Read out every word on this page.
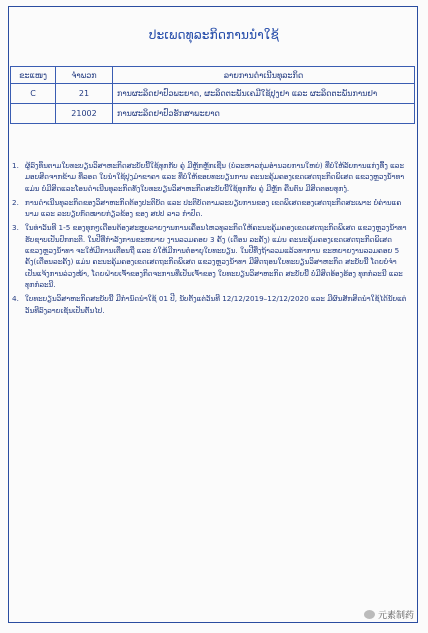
ປະເພດທຸລະກິດການນໍາໃຊ້
ຂະແໜງ	ຈໍາພວກ	ລາຍການດໍາເນີນທຸລະກິດ
C	21	ການຜະລິດຢາປົວພະຍາດ, ຜະລິດຕະພັນເຄມີໃຊ້ປຸງຢາ ແລະ ຜະລິດຕະພັນການຢາ
	21002	ການຜະລິດຢາປົວຮັກສາພະຍາດ
1. ຜູ້ລົງທຶນຕາມໃບທະບຽນວິສາຫະກິດສະບັບນີ້ໃຊ້ທຸກກັບ ຄູ່ ມີຫຼັກຫຼັກເຊີ່ນ (ບໍລະຫາລກຸ່ມອໍານວຍການໃຫຍ່) ທີ່ບໍ່ໃຫ້ລັບການແກ່ງທຶ້ງ ແລະ ມອບສິດຈາກຂ້າມ ທີ່ລອດ ໃບນໍາໃຊ້ປຸງມຳຂາຄາ ແລະ ທີ່ບໍ່ໃຫ້ຂອບທະບຽນການ ຄະນະຄຸ້ມຄອງເຂດເສດຖະກິດພິເສດ ແຂວງຫຼວງນໍ້າທາ ແມ່ນ ບໍ່ມີສິດແລະໂອນດໍາເນີນທຸລະກິດທັງໃບທະບຽນວິສາຫະກິດສະບັບນີ້ໃຊ້ທຸກກັບ ຄູ່ ມີຫຼັກ ຄືນຕົນ ມີສິດຕອບທຸກງໍ.
2. ການດໍາເນີນທຸລະກິດຂອງວິສາຫະກິດຕ້ອງປະຕິບັດ ແລະ ປະຕິບັດຕາມລະບຽບການຂອງ ເຂດພິເສດຂອງເສດຖະກິດສະເພາະ ບໍ່ຄ່ານແຄນາມ ແລະ ລະບຽບກົດໝາຍກ່ຽວຂ້ອງ ຂອງ ສປປ ລາວ ກໍາປົດ.
3. ໃນທ່າວັນທີ 1-5 ຂອງທຸກໆເດືອນຕ້ອງສະຫຼຸບລາຍງານການເຄື່ອນໄຫວທຸລະກິດໃຫ້ຄະນະຄຸ້ມຄອງເຂດເສດຖະກິດພິເສດ ແຂວງຫຼວງນໍ້າທາ ຮັບຊາບເປັນປົກກະຕິ. ໃນປີທີ່ກໍາລັງການຂະຫຍາຍ ງານລວມຄອຍ 3 ຄັ້ງ (ເດືອນ ລະຄັ້ງ) ແມ່ນ ຄະນະຄຸ້ມຄອງເຂດເສດຖະກິດພິເສດ ແຂວງຫຼວງນໍ້າທາ ຈະໃຫ້ມີການເຕືອນຖື ແລະ ບໍ່ໃຫ້ມີການຕໍ່ອາຍຸໃບທະບຽນ. ໃນປີທີ່ງຖ້າລວມແລ້ວທາການ ຂະຫຍາຍງານລວມຄອຍ 5 ຄັ້ງ(ເດືອນລະຄັ້ງ) ແມ່ນ ຄະນະຄຸ້ມຄອງເຂດເສດຖະກິດພິເສດ ແຂວງຫຼວງນໍ້າທາ ມີສິດຖອນໃບທະບຽນວິສາຫະກິດ ສະບັບນີ້ ໂດຍບໍ່ຈໍາເປັນແຈ້ງການລ່ວງໜ້າ, ໂດຍຝ່າຍເຈົ້າຂອງກິດຈະການທີ່ເປັນເຈົ້າຂອງ ໃບທະບຽນວິສາຫະກິດ ສະບັບນີ້ ບໍ່ມີສິດອ້ອງຮ້ອງ ທຸກກໍລະນີ ແລະ ທຸກກໍລະນີ.
4. ໃບທະບຽນວິສາຫະກິດສະບັບນີ້ ມີກໍານົດນໍາໃຊ້ 01 ປີ, ນັບຕັ້ງແຕ່ວັນທີ 12/12/2019–12/12/2020 ແລະ ມີຜົນສັກສິດນໍາໃຊ້ໄດ້ນັບແຕ່ວັນທີລົງລາຍເຊັນເປັນຕົ້ນໄປ.
元素制药
